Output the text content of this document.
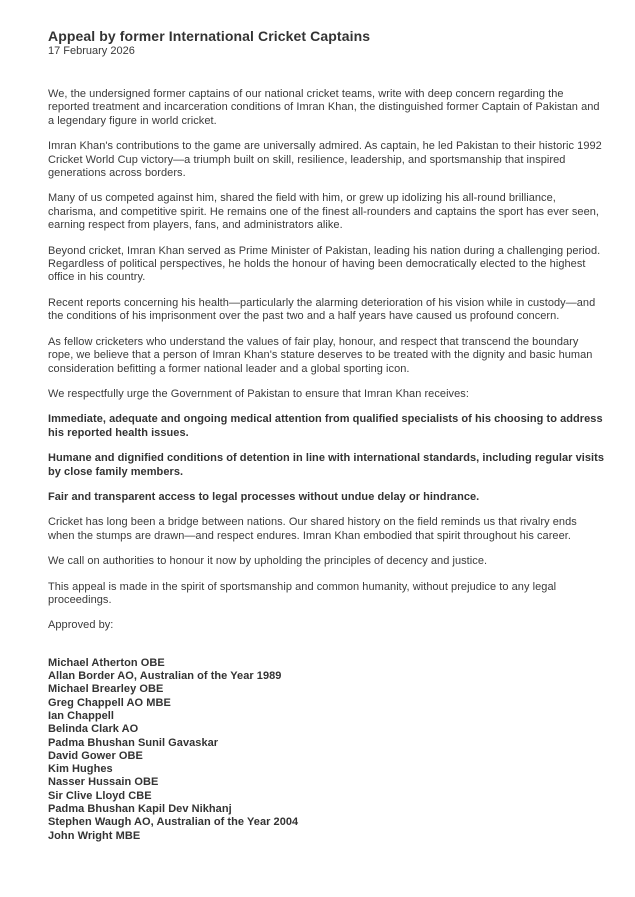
Appeal by former International Cricket Captains
17 February 2026

We, the undersigned former captains of our national cricket teams, write with deep concern regarding the reported treatment and incarceration conditions of Imran Khan, the distinguished former Captain of Pakistan and a legendary figure in world cricket.

Imran Khan's contributions to the game are universally admired. As captain, he led Pakistan to their historic 1992 Cricket World Cup victory—a triumph built on skill, resilience, leadership, and sportsmanship that inspired generations across borders.

Many of us competed against him, shared the field with him, or grew up idolizing his all-round brilliance, charisma, and competitive spirit. He remains one of the finest all-rounders and captains the sport has ever seen, earning respect from players, fans, and administrators alike.

Beyond cricket, Imran Khan served as Prime Minister of Pakistan, leading his nation during a challenging period. Regardless of political perspectives, he holds the honour of having been democratically elected to the highest office in his country.

Recent reports concerning his health—particularly the alarming deterioration of his vision while in custody—and the conditions of his imprisonment over the past two and a half years have caused us profound concern.

As fellow cricketers who understand the values of fair play, honour, and respect that transcend the boundary rope, we believe that a person of Imran Khan's stature deserves to be treated with the dignity and basic human consideration befitting a former national leader and a global sporting icon.

We respectfully urge the Government of Pakistan to ensure that Imran Khan receives:

Immediate, adequate and ongoing medical attention from qualified specialists of his choosing to address his reported health issues.

Humane and dignified conditions of detention in line with international standards, including regular visits by close family members.

Fair and transparent access to legal processes without undue delay or hindrance.

Cricket has long been a bridge between nations. Our shared history on the field reminds us that rivalry ends when the stumps are drawn—and respect endures. Imran Khan embodied that spirit throughout his career.

We call on authorities to honour it now by upholding the principles of decency and justice.

This appeal is made in the spirit of sportsmanship and common humanity, without prejudice to any legal proceedings.

Approved by:

Michael Atherton OBE
Allan Border AO, Australian of the Year 1989
Michael Brearley OBE
Greg Chappell AO MBE
Ian Chappell
Belinda Clark AO
Padma Bhushan Sunil Gavaskar
David Gower OBE
Kim Hughes
Nasser Hussain OBE
Sir Clive Lloyd CBE
Padma Bhushan Kapil Dev Nikhanj
Stephen Waugh AO, Australian of the Year 2004
John Wright MBE
